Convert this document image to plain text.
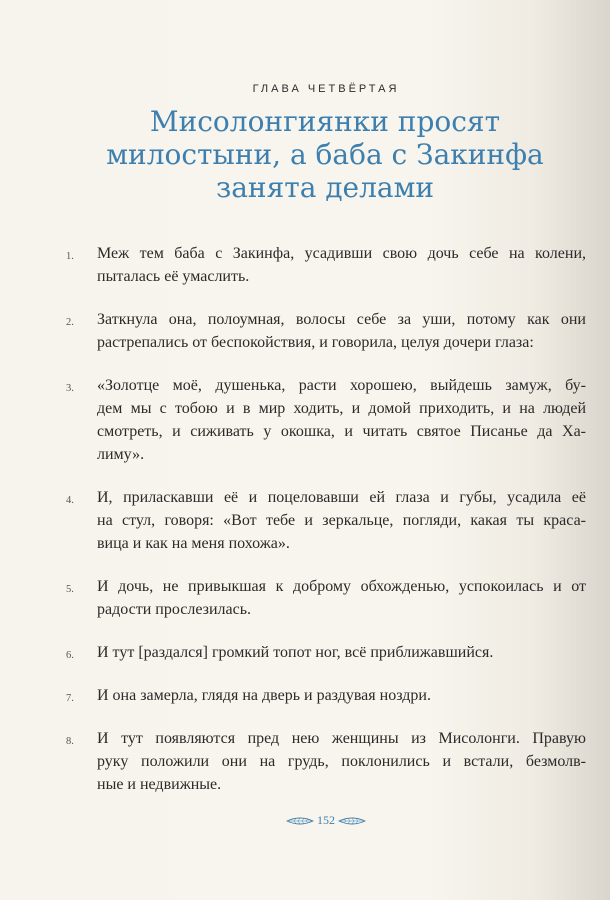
ГЛАВА ЧЕТВЁРТАЯ
Мисолонгиянки просят
милостыни, а баба с Закинфа
занята делами
1. Меж тем баба с Закинфа, усадивши свою дочь себе на колени,
пыталась её умаслить.
2. Заткнула она, полоумная, волосы себе за уши, потому как они
растрепались от беспокойствия, и говорила, целуя дочери глаза:
3. «Золотце моё, душенька, расти хорошею, выйдешь замуж, бу-
дем мы с тобою и в мир ходить, и домой приходить, и на людей
смотреть, и сиживать у окошка, и читать святое Писанье да Ха-
лиму».
4. И, приласкавши её и поцеловавши ей глаза и губы, усадила её
на стул, говоря: «Вот тебе и зеркальце, погляди, какая ты краса-
вица и как на меня похожа».
5. И дочь, не привыкшая к доброму обхожденью, успокоилась и от
радости прослезилась.
6. И тут [раздался] громкий топот ног, всё приближавшийся.
7. И она замерла, глядя на дверь и раздувая ноздри.
8. И тут появляются пред нею женщины из Мисолонги. Правую
руку положили они на грудь, поклонились и встали, безмолв-
ные и недвижные.
152
